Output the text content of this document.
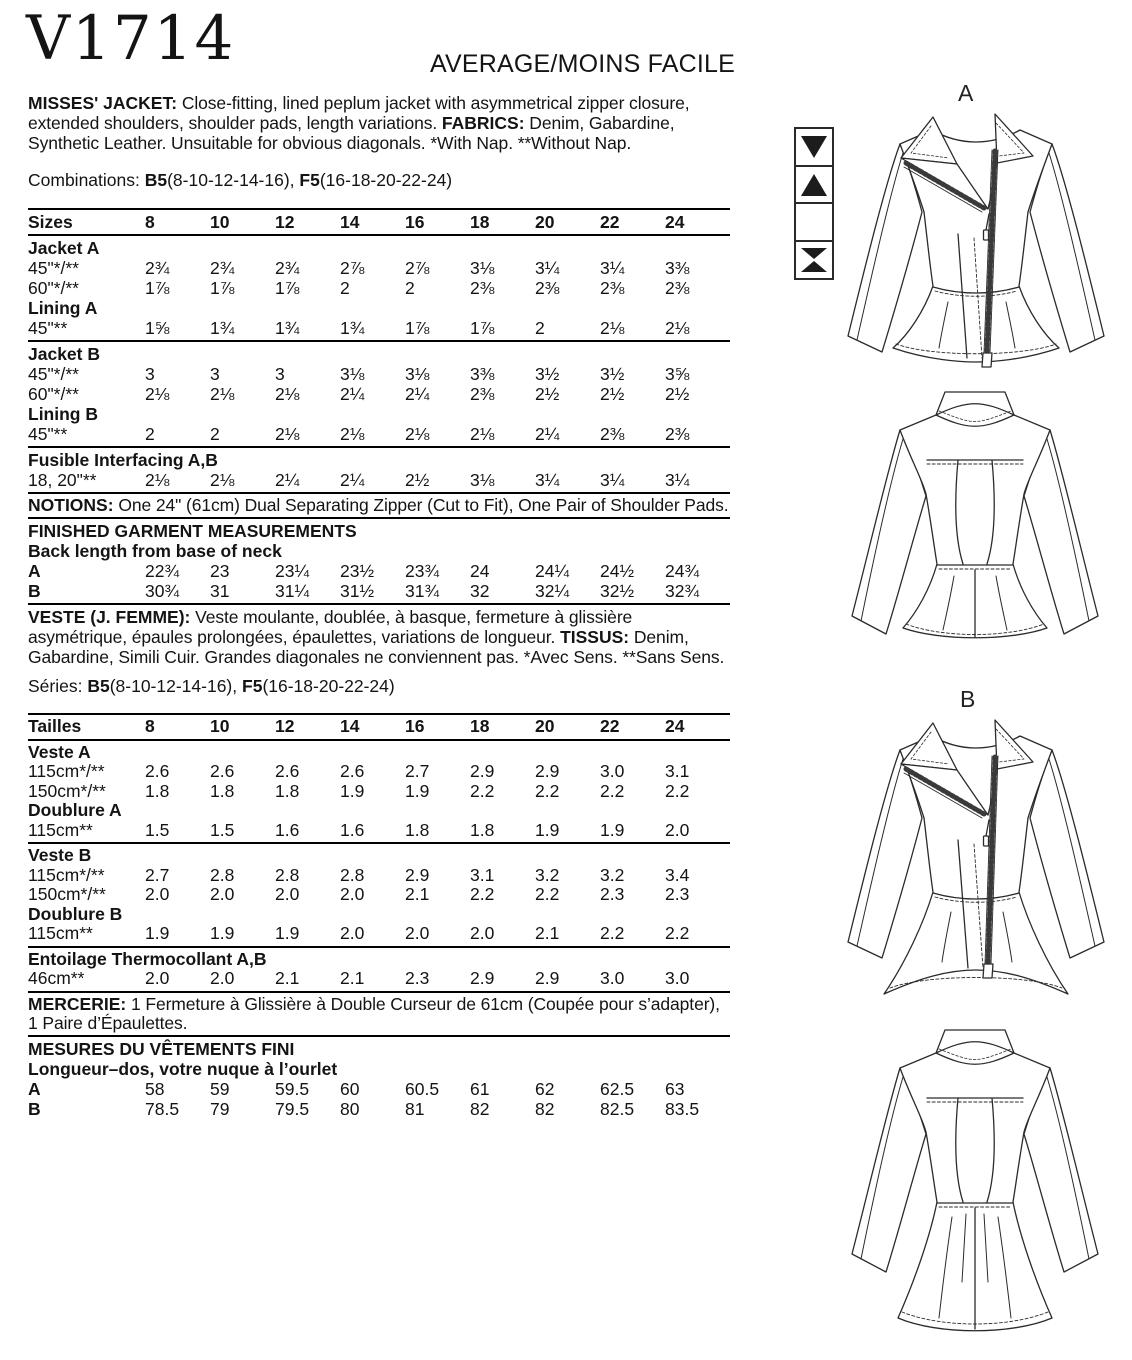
V1714	AVERAGE/MOINS FACILE

MISSES' JACKET: Close-fitting, lined peplum jacket with asymmetrical zipper closure, extended shoulders, shoulder pads, length variations. FABRICS: Denim, Gabardine, Synthetic Leather. Unsuitable for obvious diagonals. *With Nap. **Without Nap.

Combinations: B5(8-10-12-14-16), F5(16-18-20-22-24)

Sizes	8	10	12	14	16	18	20	22	24
Jacket A
45"*/**	2¾	2¾	2¾	2⅞	2⅞	3⅛	3¼	3¼	3⅜
60"*/**	1⅞	1⅞	1⅞	2	2	2⅜	2⅜	2⅜	2⅜
Lining A
45"**	1⅝	1¾	1¾	1¾	1⅞	1⅞	2	2⅛	2⅛
Jacket B
45"*/**	3	3	3	3⅛	3⅛	3⅜	3½	3½	3⅝
60"*/**	2⅛	2⅛	2⅛	2¼	2¼	2⅜	2½	2½	2½
Lining B
45"**	2	2	2⅛	2⅛	2⅛	2⅛	2¼	2⅜	2⅜
Fusible Interfacing A,B
18, 20"**	2⅛	2⅛	2¼	2¼	2½	3⅛	3¼	3¼	3¼

NOTIONS: One 24" (61cm) Dual Separating Zipper (Cut to Fit), One Pair of Shoulder Pads.

FINISHED GARMENT MEASUREMENTS
Back length from base of neck
A	22¾	23	23¼	23½	23¾	24	24¼	24½	24¾
B	30¾	31	31¼	31½	31¾	32	32¼	32½	32¾

VESTE (J. FEMME): Veste moulante, doublée, à basque, fermeture à glissière asymétrique, épaules prolongées, épaulettes, variations de longueur. TISSUS: Denim, Gabardine, Simili Cuir. Grandes diagonales ne conviennent pas. *Avec Sens. **Sans Sens.

Séries: B5(8-10-12-14-16), F5(16-18-20-22-24)

Tailles	8	10	12	14	16	18	20	22	24
Veste A
115cm*/**	2.6	2.6	2.6	2.6	2.7	2.9	2.9	3.0	3.1
150cm*/**	1.8	1.8	1.8	1.9	1.9	2.2	2.2	2.2	2.2
Doublure A
115cm**	1.5	1.5	1.6	1.6	1.8	1.8	1.9	1.9	2.0
Veste B
115cm*/**	2.7	2.8	2.8	2.8	2.9	3.1	3.2	3.2	3.4
150cm*/**	2.0	2.0	2.0	2.0	2.1	2.2	2.2	2.3	2.3
Doublure B
115cm**	1.9	1.9	1.9	2.0	2.0	2.0	2.1	2.2	2.2
Entoilage Thermocollant A,B
46cm**	2.0	2.0	2.1	2.1	2.3	2.9	2.9	3.0	3.0

MERCERIE: 1 Fermeture à Glissière à Double Curseur de 61cm (Coupée pour s’adapter), 1 Paire d’Épaulettes.

MESURES DU VÊTEMENTS FINI
Longueur–dos, votre nuque à l’ourlet
A	58	59	59.5	60	60.5	61	62	62.5	63
B	78.5	79	79.5	80	81	82	82	82.5	83.5
A
B
